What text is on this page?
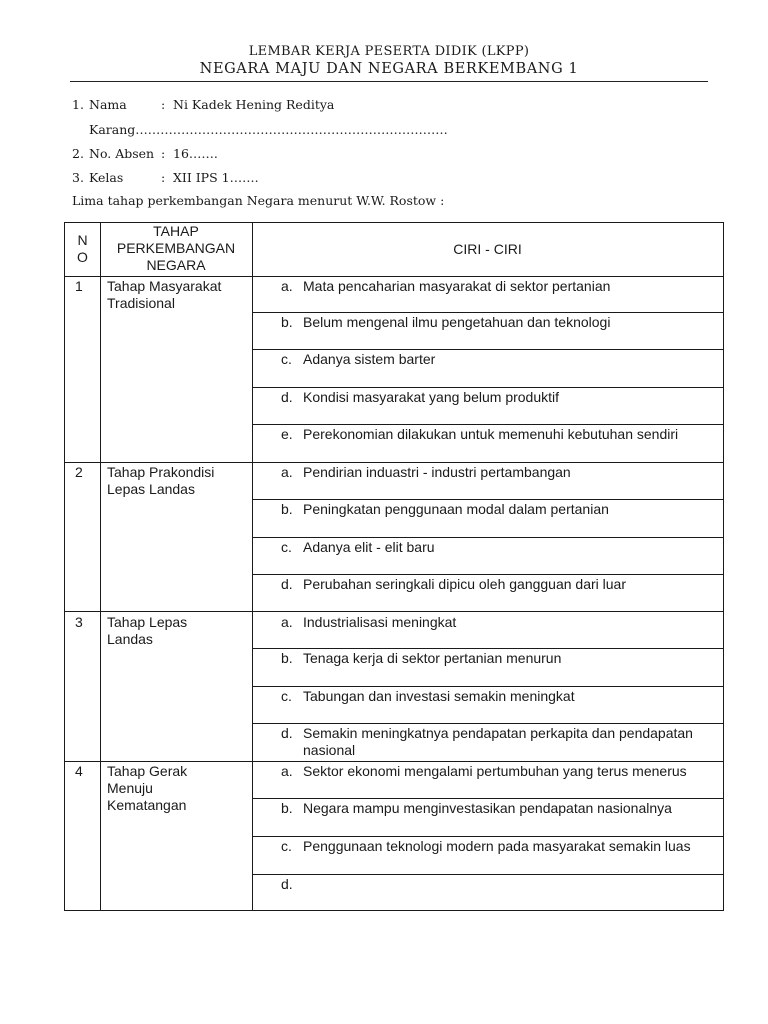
LEMBAR KERJA PESERTA DIDIK (LKPP)
NEGARA MAJU DAN NEGARA BERKEMBANG 1
1. Nama	: Ni Kadek Hening Reditya
Karang…………………………………………………………………
2. No. Absen : 16…….
3. Kelas	: XII IPS 1…….
Lima tahap perkembangan Negara menurut W.W. Rostow :
N
O
TAHAP
PERKEMBANGAN
NEGARA
CIRI - CIRI
1 Tahap Masyarakat
Tradisional
a. Mata pencaharian masyarakat di sektor pertanian
b. Belum mengenal ilmu pengetahuan dan teknologi
c. Adanya sistem barter
d. Kondisi masyarakat yang belum produktif
e. Perekonomian dilakukan untuk memenuhi kebutuhan sendiri
2 Tahap Prakondisi
Lepas Landas
a. Pendirian induastri - industri pertambangan
b. Peningkatan penggunaan modal dalam pertanian
c. Adanya elit - elit baru
d. Perubahan seringkali dipicu oleh gangguan dari luar
3 Tahap Lepas
Landas
a. Industrialisasi meningkat
b. Tenaga kerja di sektor pertanian menurun
c. Tabungan dan investasi semakin meningkat
d. Semakin meningkatnya pendapatan perkapita dan pendapatan nasional
4 Tahap Gerak
Menuju
Kematangan
a. Sektor ekonomi mengalami pertumbuhan yang terus menerus
b. Negara mampu menginvestasikan pendapatan nasionalnya
c. Penggunaan teknologi modern pada masyarakat semakin luas
d.
